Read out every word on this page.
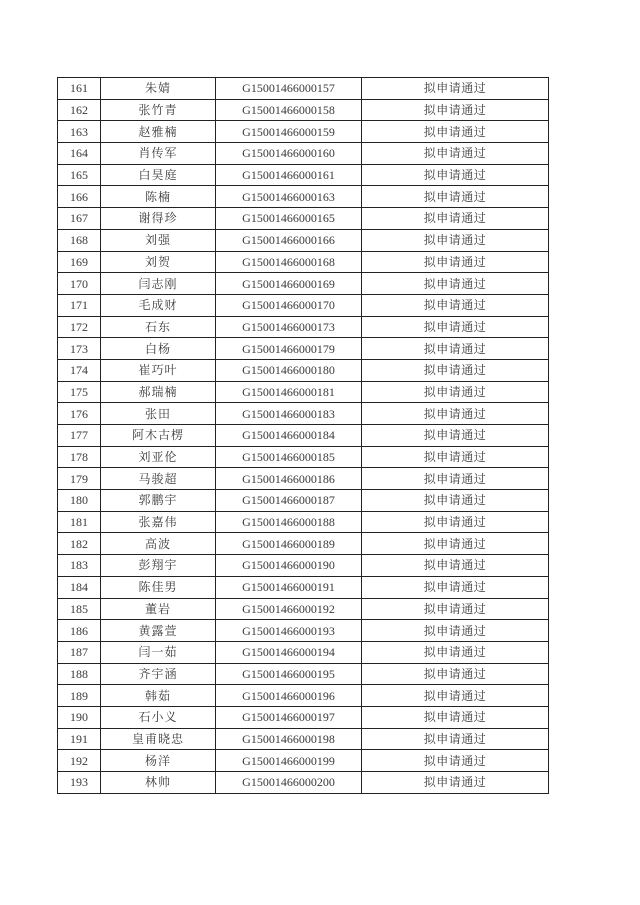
161	朱婧	G15001466000157	拟申请通过
162	张竹青	G15001466000158	拟申请通过
163	赵雅楠	G15001466000159	拟申请通过
164	肖传军	G15001466000160	拟申请通过
165	白昊庭	G15001466000161	拟申请通过
166	陈楠	G15001466000163	拟申请通过
167	谢得珍	G15001466000165	拟申请通过
168	刘强	G15001466000166	拟申请通过
169	刘贺	G15001466000168	拟申请通过
170	闫志刚	G15001466000169	拟申请通过
171	毛成财	G15001466000170	拟申请通过
172	石东	G15001466000173	拟申请通过
173	白杨	G15001466000179	拟申请通过
174	崔巧叶	G15001466000180	拟申请通过
175	郝瑞楠	G15001466000181	拟申请通过
176	张田	G15001466000183	拟申请通过
177	阿木古楞	G15001466000184	拟申请通过
178	刘亚伦	G15001466000185	拟申请通过
179	马骏超	G15001466000186	拟申请通过
180	郭鹏宇	G15001466000187	拟申请通过
181	张嘉伟	G15001466000188	拟申请通过
182	高波	G15001466000189	拟申请通过
183	彭翔宇	G15001466000190	拟申请通过
184	陈佳男	G15001466000191	拟申请通过
185	董岩	G15001466000192	拟申请通过
186	黄露萱	G15001466000193	拟申请通过
187	闫一茹	G15001466000194	拟申请通过
188	齐宇涵	G15001466000195	拟申请通过
189	韩茹	G15001466000196	拟申请通过
190	石小义	G15001466000197	拟申请通过
191	皇甫晓忠	G15001466000198	拟申请通过
192	杨洋	G15001466000199	拟申请通过
193	林帅	G15001466000200	拟申请通过
